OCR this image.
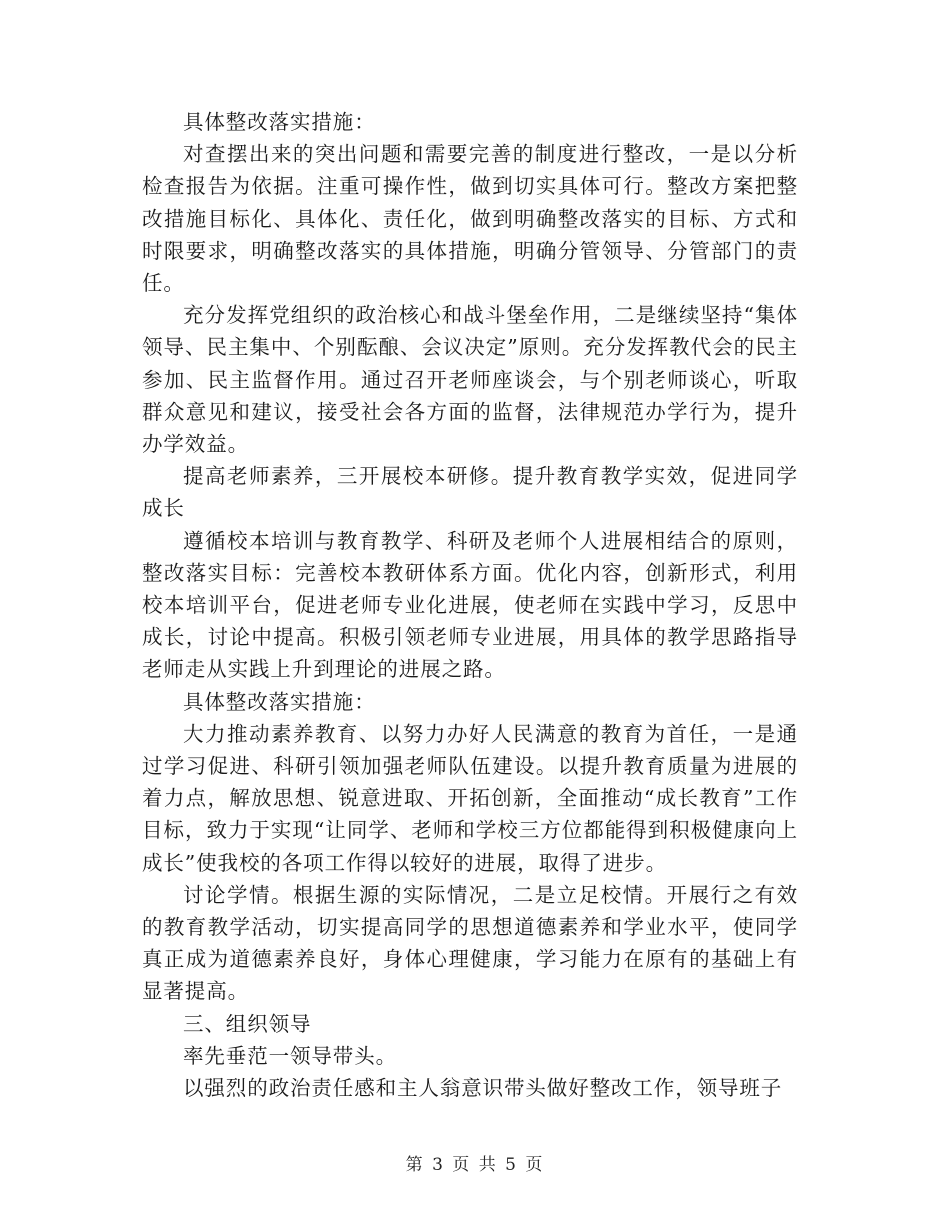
具体整改落实措施：

对查摆出来的突出问题和需要完善的制度进行整改，一是以分析检查报告为依据。注重可操作性，做到切实具体可行。整改方案把整改措施目标化、具体化、责任化，做到明确整改落实的目标、方式和时限要求，明确整改落实的具体措施，明确分管领导、分管部门的责任。

充分发挥党组织的政治核心和战斗堡垒作用，二是继续坚持“集体领导、民主集中、个别酝酿、会议决定”原则。充分发挥教代会的民主参加、民主监督作用。通过召开老师座谈会，与个别老师谈心，听取群众意见和建议，接受社会各方面的监督，法律规范办学行为，提升办学效益。

提高老师素养，三开展校本研修。提升教育教学实效，促进同学成长

遵循校本培训与教育教学、科研及老师个人进展相结合的原则，整改落实目标：完善校本教研体系方面。优化内容，创新形式，利用校本培训平台，促进老师专业化进展，使老师在实践中学习，反思中成长，讨论中提高。积极引领老师专业进展，用具体的教学思路指导老师走从实践上升到理论的进展之路。

具体整改落实措施：

大力推动素养教育、以努力办好人民满意的教育为首任，一是通过学习促进、科研引领加强老师队伍建设。以提升教育质量为进展的着力点，解放思想、锐意进取、开拓创新，全面推动“成长教育”工作目标，致力于实现“让同学、老师和学校三方位都能得到积极健康向上成长”使我校的各项工作得以较好的进展，取得了进步。

讨论学情。根据生源的实际情况，二是立足校情。开展行之有效的教育教学活动，切实提高同学的思想道德素养和学业水平，使同学真正成为道德素养良好，身体心理健康，学习能力在原有的基础上有显著提高。

三、组织领导

率先垂范一领导带头。

以强烈的政治责任感和主人翁意识带头做好整改工作，领导班子

第 3 页 共 5 页
